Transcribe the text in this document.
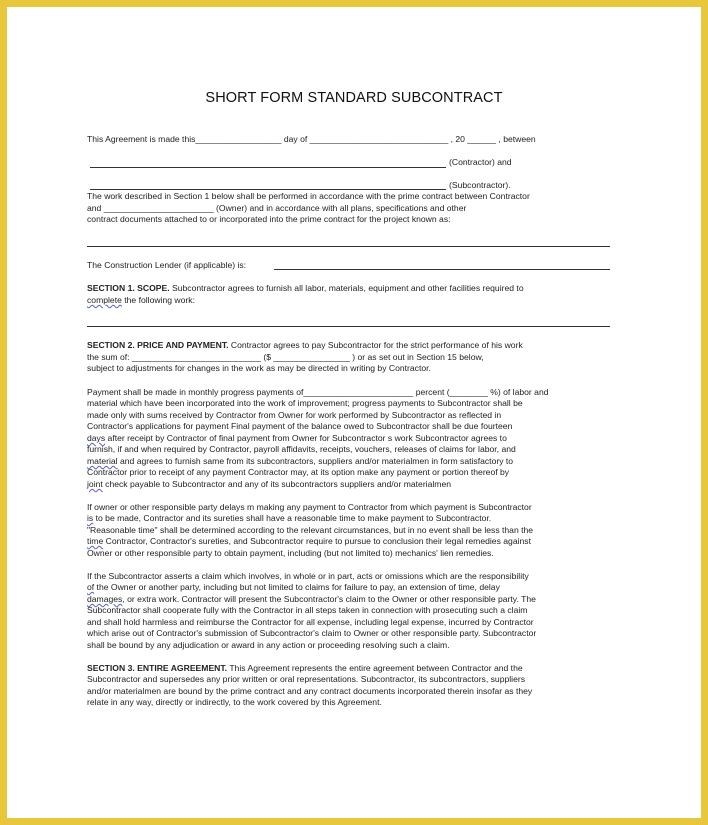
SHORT FORM STANDARD SUBCONTRACT
This Agreement is made this__________________ day of _____________________________ , 20 ______ , between
(Contractor) and
(Subcontractor).
The work described in Section 1 below shall be performed in accordance with the prime contract between Contractor
and _______________________ (Owner) and in accordance with all plans, specifications and other
contract documents attached to or incorporated into the prime contract for the project known as:
The Construction Lender (if applicable) is:
SECTION 1. SCOPE. Subcontractor agrees to furnish all labor, materials, equipment and other facilities required to
complete the following work:
SECTION 2. PRICE AND PAYMENT. Contractor agrees to pay Subcontractor for the strict performance of his work
the sum of: ___________________________ ($ ________________ ) or as set out in Section 15 below,
subject to adjustments for changes in the work as may be directed in writing by Contractor.
Payment shall be made in monthly progress payments of_______________________ percent (________ %) of labor and
material which have been incorporated into the work of improvement; progress payments to Subcontractor shall be
made only with sums received by Contractor from Owner for work performed by Subcontractor as reflected in
Contractor's applications for payment Final payment of the balance owed to Subcontractor shall be due fourteen
days after receipt by Contractor of final payment from Owner for Subcontractor s work Subcontractor agrees to
furnish, if and when required by Contractor, payroll affidavits, receipts, vouchers, releases of claims for labor, and
material and agrees to furnish same from its subcontractors, suppliers and/or materialmen in form satisfactory to
Contractor prior to receipt of any payment Contractor may, at its option make any payment or portion thereof by
joint check payable to Subcontractor and any of its subcontractors suppliers and/or materialmen
If owner or other responsible party delays m making any payment to Contractor from which payment is Subcontractor
is to be made, Contractor and its sureties shall have a reasonable time to make payment to Subcontractor.
"Reasonable time" shall be determined according to the relevant circumstances, but in no event shall be less than the
time Contractor, Contractor's sureties, and Subcontractor require to pursue to conclusion their legal remedies against
Owner or other responsible party to obtain payment, including (but not limited to) mechanics' lien remedies.
If the Subcontractor asserts a claim which involves, in whole or in part, acts or omissions which are the responsibility
of the Owner or another party, including but not limited to claims for failure to pay, an extension of time, delay
damages, or extra work. Contractor will present the Subcontractor's claim to the Owner or other responsible party. The
Subcontractor shall cooperate fully with the Contractor in all steps taken in connection with prosecuting such a claim
and shall hold harmless and reimburse the Contractor for all expense, including legal expense, incurred by Contractor
which arise out of Contractor's submission of Subcontractor's claim to Owner or other responsible party. Subcontractor
shall be bound by any adjudication or award in any action or proceeding resolving such a claim.
SECTION 3. ENTIRE AGREEMENT. This Agreement represents the entire agreement between Contractor and the
Subcontractor and supersedes any prior written or oral representations. Subcontractor, its subcontractors, suppliers
and/or materialmen are bound by the prime contract and any contract documents incorporated therein insofar as they
relate in any way, directly or indirectly, to the work covered by this Agreement.
